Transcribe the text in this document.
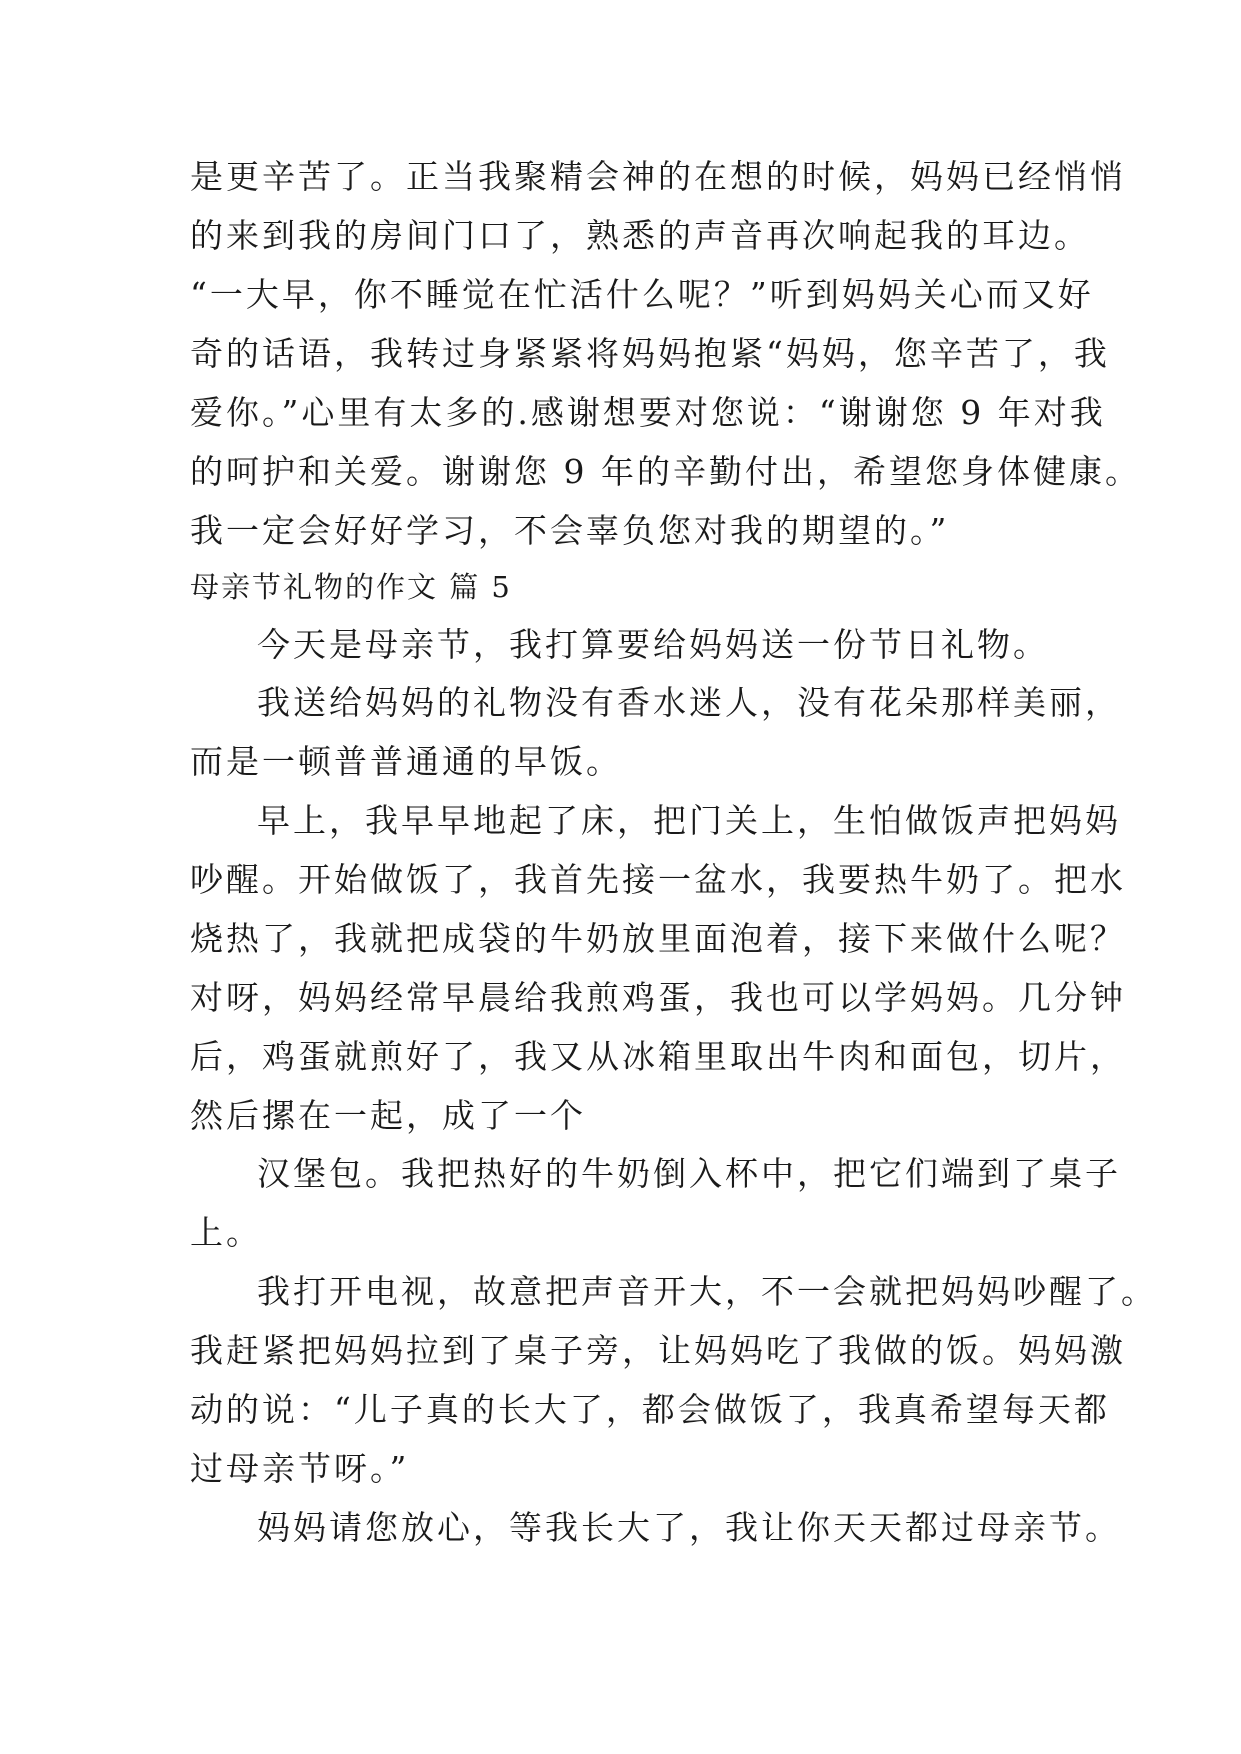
是更辛苦了。正当我聚精会神的在想的时候，妈妈已经悄悄
的来到我的房间门口了，熟悉的声音再次响起我的耳边。
“一大早，你不睡觉在忙活什么呢？”听到妈妈关心而又好
奇的话语，我转过身紧紧将妈妈抱紧“妈妈，您辛苦了，我
爱你。”心里有太多的.感谢想要对您说：“谢谢您 9 年对我
的呵护和关爱。谢谢您 9 年的辛勤付出，希望您身体健康。
我一定会好好学习，不会辜负您对我的期望的。”
母亲节礼物的作文 篇 5
今天是母亲节，我打算要给妈妈送一份节日礼物。
我送给妈妈的礼物没有香水迷人，没有花朵那样美丽，
而是一顿普普通通的早饭。
早上，我早早地起了床，把门关上，生怕做饭声把妈妈
吵醒。开始做饭了，我首先接一盆水，我要热牛奶了。把水
烧热了，我就把成袋的牛奶放里面泡着，接下来做什么呢？
对呀，妈妈经常早晨给我煎鸡蛋，我也可以学妈妈。几分钟
后，鸡蛋就煎好了，我又从冰箱里取出牛肉和面包，切片，
然后摞在一起，成了一个
汉堡包。我把热好的牛奶倒入杯中，把它们端到了桌子
上。
我打开电视，故意把声音开大，不一会就把妈妈吵醒了。
我赶紧把妈妈拉到了桌子旁，让妈妈吃了我做的饭。妈妈激
动的说：“儿子真的长大了，都会做饭了，我真希望每天都
过母亲节呀。”
妈妈请您放心，等我长大了，我让你天天都过母亲节。
